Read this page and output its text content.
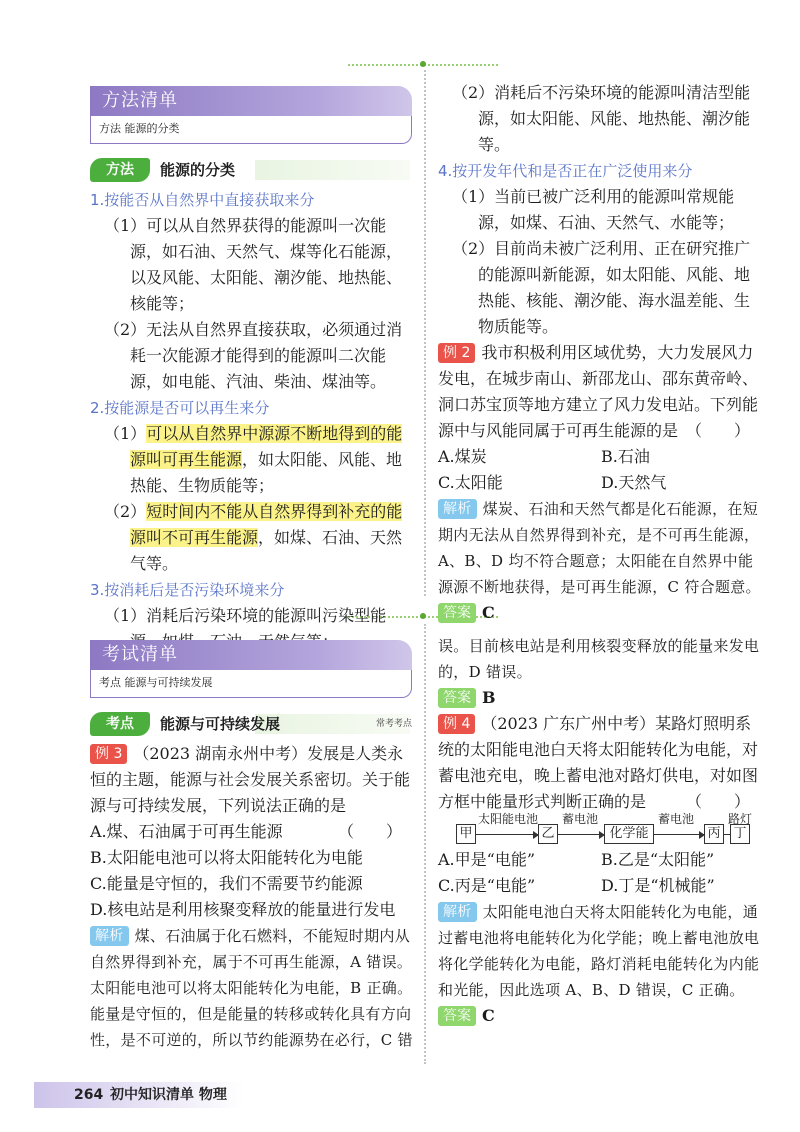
方法清单
方法 能源的分类
方法	能源的分类
1.按能否从自然界中直接获取来分

（1）可以从自然界获得的能源叫一次能源，如石油、天然气、煤等化石能源，以及风能、太阳能、潮汐能、地热能、核能等；

（2）无法从自然界直接获取，必须通过消耗一次能源才能得到的能源叫二次能源，如电能、汽油、柴油、煤油等。

2.按能源是否可以再生来分

（1）可以从自然界中源源不断地得到的能源叫可再生能源，如太阳能、风能、地热能、生物质能等；

（2）短时间内不能从自然界得到补充的能源叫不可再生能源，如煤、石油、天然气等。

3.按消耗后是否污染环境来分

（1）消耗后污染环境的能源叫污染型能

（2）消耗后不污染环境的能源叫清洁型能源，如太阳能、风能、地热能、潮汐能等。

4.按开发年代和是否正在广泛使用来分

（1）当前已被广泛利用的能源叫常规能源，如煤、石油、天然气、水能等；

（2）目前尚未被广泛利用、正在研究推广的能源叫新能源，如太阳能、风能、地热能、核能、潮汐能、海水温差能、生物质能等。

例 2 我市积极利用区域优势，大力发展风力发电，在城步南山、新邵龙山、邵东黄帝岭、洞口苏宝顶等地方建立了风力发电站。下列能源中与风能同属于可再生能源的是 （　　）

A.煤炭	B.石油
C.太阳能	D.天然气

解析 煤炭、石油和天然气都是化石能源，在短期内无法从自然界得到补充，是不可再生能源，A、B、D 均不符合题意；太阳能在自然界中能源源不断地获得，是可再生能源，C 符合题意。

答案 C

考试清单
考点 能源与可持续发展
考点	能源与可持续发展	常考考点

例 3 （2023 湖南永州中考）发展是人类永恒的主题，能源与社会发展关系密切。关于能源与可持续发展，下列说法正确的是
（　　）

A.煤、石油属于可再生能源
B.太阳能电池可以将太阳能转化为电能
C.能量是守恒的，我们不需要节约能源
D.核电站是利用核聚变释放的能量进行发电

解析 煤、石油属于化石燃料，不能短时期内从自然界得到补充，属于不可再生能源，A 错误。太阳能电池可以将太阳能转化为电能，B 正确。能量是守恒的，但是能量的转移或转化具有方向性，是不可逆的，所以节约能源势在必行，C 错

误。目前核电站是利用核裂变释放的能量来发电的，D 错误。

答案 B

例 4 （2023 广东广州中考）某路灯照明系统的太阳能电池白天将太阳能转化为电能，对蓄电池充电，晚上蓄电池对路灯供电，对如图方框中能量形式判断正确的是 （　　）

甲
太阳能电池
乙
蓄电池
化学能
蓄电池
丙
路灯
丁
A.甲是“电能”	B.乙是“太阳能”
C.丙是“电能”	D.丁是“机械能”

解析 太阳能电池白天将太阳能转化为电能，通过蓄电池将电能转化为化学能；晚上蓄电池放电将化学能转化为电能，路灯消耗电能转化为内能和光能，因此选项 A、B、D 错误，C 正确。

答案 C

264 初中知识清单 物理
